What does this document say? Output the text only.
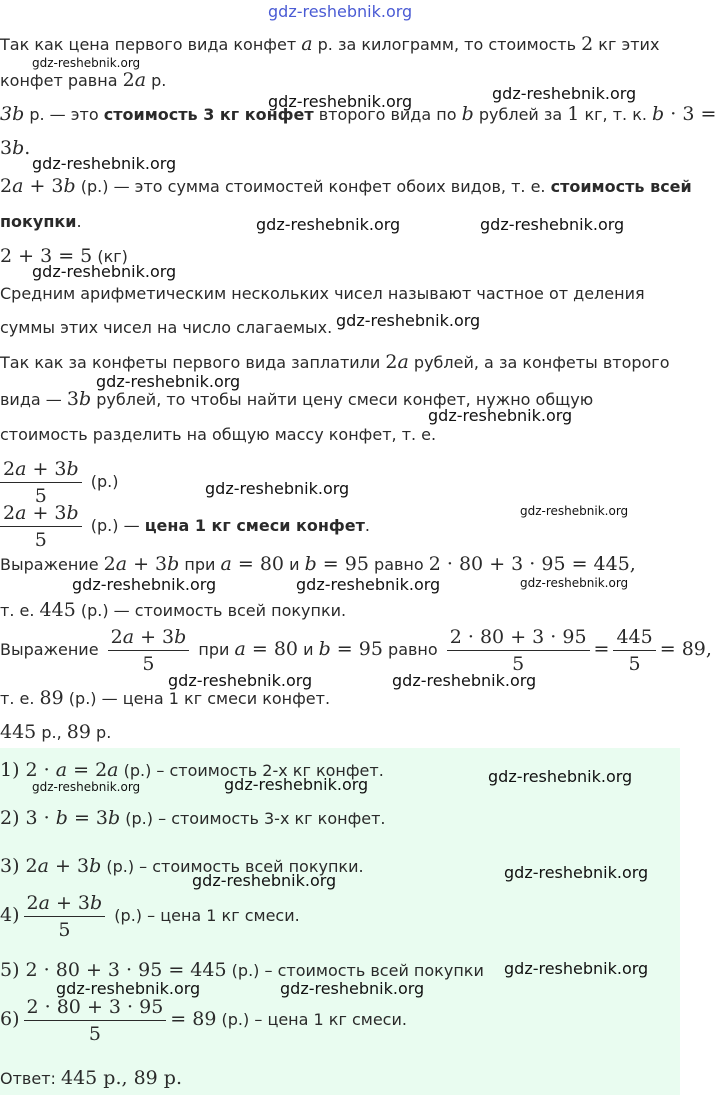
gdz-reshebnik.org
Так как цена первого вида конфет a р. за килограмм, то стоимость 2 кг этих
gdz-reshebnik.org
конфет равна 2a р.
gdz-reshebnik.org
gdz-reshebnik.org
3b р. — это стоимость 3 кг конфет второго вида по b рублей за 1 кг, т. к. b · 3 =
3b.
gdz-reshebnik.org
2a + 3b (р.) — это сумма стоимостей конфет обоих видов, т. е. стоимость всей
покупки.	gdz-reshebnik.org	gdz-reshebnik.org
2 + 3 = 5 (кг)
gdz-reshebnik.org
Средним арифметическим нескольких чисел называют частное от деления
суммы этих чисел на число слагаемых. gdz-reshebnik.org
Так как за конфеты первого вида заплатили 2a рублей, а за конфеты второго
gdz-reshebnik.org
вида — 3b рублей, то чтобы найти цену смеси конфет, нужно общую
gdz-reshebnik.org
стоимость разделить на общую массу конфет, т. е.
$\frac{2a + 3b}{5} (р.)$	gdz-reshebnik.org
$\frac{2a + 3b}{5} (р.)$ — цена 1 кг смеси конфет.
gdz-reshebnik.org
Выражение 2a + 3b при a = 80 и b = 95 равно 2 · 80 + 3 · 95 = 445,
gdz-reshebnik.org	gdz-reshebnik.org	gdz-reshebnik.org
т. е. 445 (р.) — стоимость всей покупки.
Выражение $\frac{2a + 3b}{5}$ при a = 80 и b = 95 равно $\frac{2 \cdot 80 + 3 \cdot 95}{5} = \frac{445}{5} = 89$,
gdz-reshebnik.org	gdz-reshebnik.org
т. е. 89 (р.) — цена 1 кг смеси конфет.
445 р., 89 р.
1) 2 · a = 2a (р.) – стоимость 2-х кг конфет.
gdz-reshebnik.org	gdz-reshebnik.org	gdz-reshebnik.org
2) 3 · b = 3b (р.) – стоимость 3-х кг конфет.
3) 2a + 3b (р.) – стоимость всей покупки.
gdz-reshebnik.org	gdz-reshebnik.org
$4) \frac{2a + 3b}{5} (р.)$ – цена 1 кг смеси.
5) 2 · 80 + 3 · 95 = 445 (р.) – стоимость всей покупки gdz-reshebnik.org
gdz-reshebnik.org	gdz-reshebnik.org
$6) \frac{2 \cdot 80 + 3 \cdot 95}{5} = 89$ (р.) – цена 1 кг смеси.
Ответ: 445 р., 89 р.
